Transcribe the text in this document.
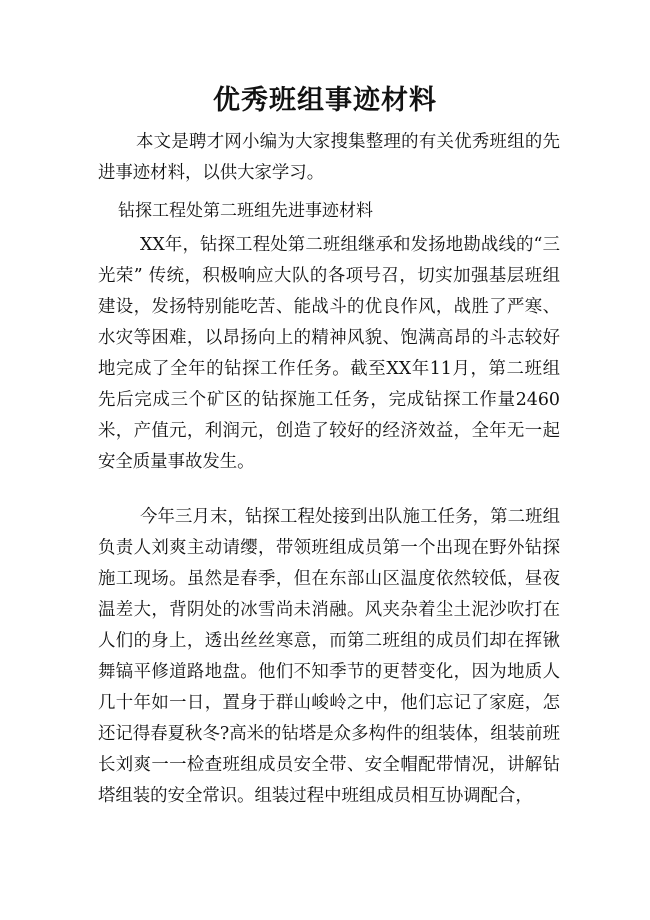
优秀班组事迹材料

本文是聘才网小编为大家搜集整理的有关优秀班组的先进事迹材料，以供大家学习。

钻探工程处第二班组先进事迹材料

XX年，钻探工程处第二班组继承和发扬地勘战线的“三光荣” 传统，积极响应大队的各项号召，切实加强基层班组建设，发扬特别能吃苦、能战斗的优良作风，战胜了严寒、水灾等困难，以昂扬向上的精神风貌、饱满高昂的斗志较好地完成了全年的钻探工作任务。截至XX年11月，第二班组先后完成三个矿区的钻探施工任务，完成钻探工作量2460米，产值元，利润元，创造了较好的经济效益，全年无一起安全质量事故发生。

今年三月末，钻探工程处接到出队施工任务，第二班组负责人刘爽主动请缨，带领班组成员第一个出现在野外钻探施工现场。虽然是春季，但在东部山区温度依然较低，昼夜温差大，背阴处的冰雪尚未消融。风夹杂着尘土泥沙吹打在人们的身上，透出丝丝寒意，而第二班组的成员们却在挥锹舞镐平修道路地盘。他们不知季节的更替变化，因为地质人几十年如一日，置身于群山峻岭之中，他们忘记了家庭，怎还记得春夏秋冬?高米的钻塔是众多构件的组装体，组装前班长刘爽一一检查班组成员安全带、安全帽配带情况，讲解钻塔组装的安全常识。组装过程中班组成员相互协调配合，
